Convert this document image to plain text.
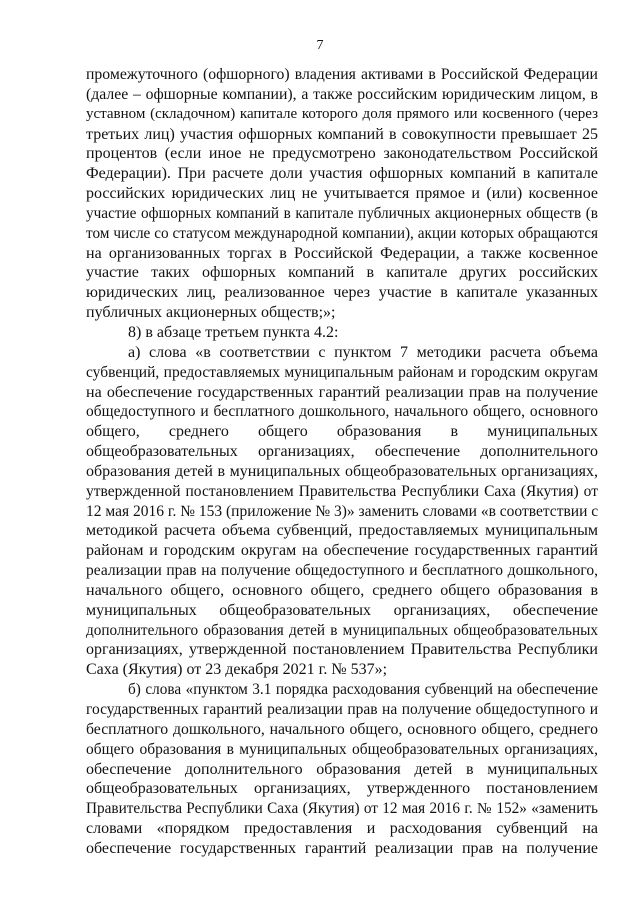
7
промежуточного (офшорного) владения активами в Российской Федерации
(далее – офшорные компании), а также российским юридическим лицом, в
уставном (складочном) капитале которого доля прямого или косвенного (через
третьих лиц) участия офшорных компаний в совокупности превышает 25
процентов (если иное не предусмотрено законодательством Российской
Федерации). При расчете доли участия офшорных компаний в капитале
российских юридических лиц не учитывается прямое и (или) косвенное
участие офшорных компаний в капитале публичных акционерных обществ (в
том числе со статусом международной компании), акции которых обращаются
на организованных торгах в Российской Федерации, а также косвенное
участие таких офшорных компаний в капитале других российских
юридических лиц, реализованное через участие в капитале указанных
публичных акционерных обществ;»;
8) в абзаце третьем пункта 4.2:
а) слова «в соответствии с пунктом 7 методики расчета объема
субвенций, предоставляемых муниципальным районам и городским округам
на обеспечение государственных гарантий реализации прав на получение
общедоступного и бесплатного дошкольного, начального общего, основного
общего, среднего общего образования в муниципальных
общеобразовательных организациях, обеспечение дополнительного
образования детей в муниципальных общеобразовательных организациях,
утвержденной постановлением Правительства Республики Саха (Якутия) от
12 мая 2016 г. № 153 (приложение № 3)» заменить словами «в соответствии с
методикой расчета объема субвенций, предоставляемых муниципальным
районам и городским округам на обеспечение государственных гарантий
реализации прав на получение общедоступного и бесплатного дошкольного,
начального общего, основного общего, среднего общего образования в
муниципальных общеобразовательных организациях, обеспечение
дополнительного образования детей в муниципальных общеобразовательных
организациях, утвержденной постановлением Правительства Республики
Саха (Якутия) от 23 декабря 2021 г. № 537»;
б) слова «пунктом 3.1 порядка расходования субвенций на обеспечение
государственных гарантий реализации прав на получение общедоступного и
бесплатного дошкольного, начального общего, основного общего, среднего
общего образования в муниципальных общеобразовательных организациях,
обеспечение дополнительного образования детей в муниципальных
общеобразовательных организациях, утвержденного постановлением
Правительства Республики Саха (Якутия) от 12 мая 2016 г. № 152» «заменить
словами «порядком предоставления и расходования субвенций на
обеспечение государственных гарантий реализации прав на получение
